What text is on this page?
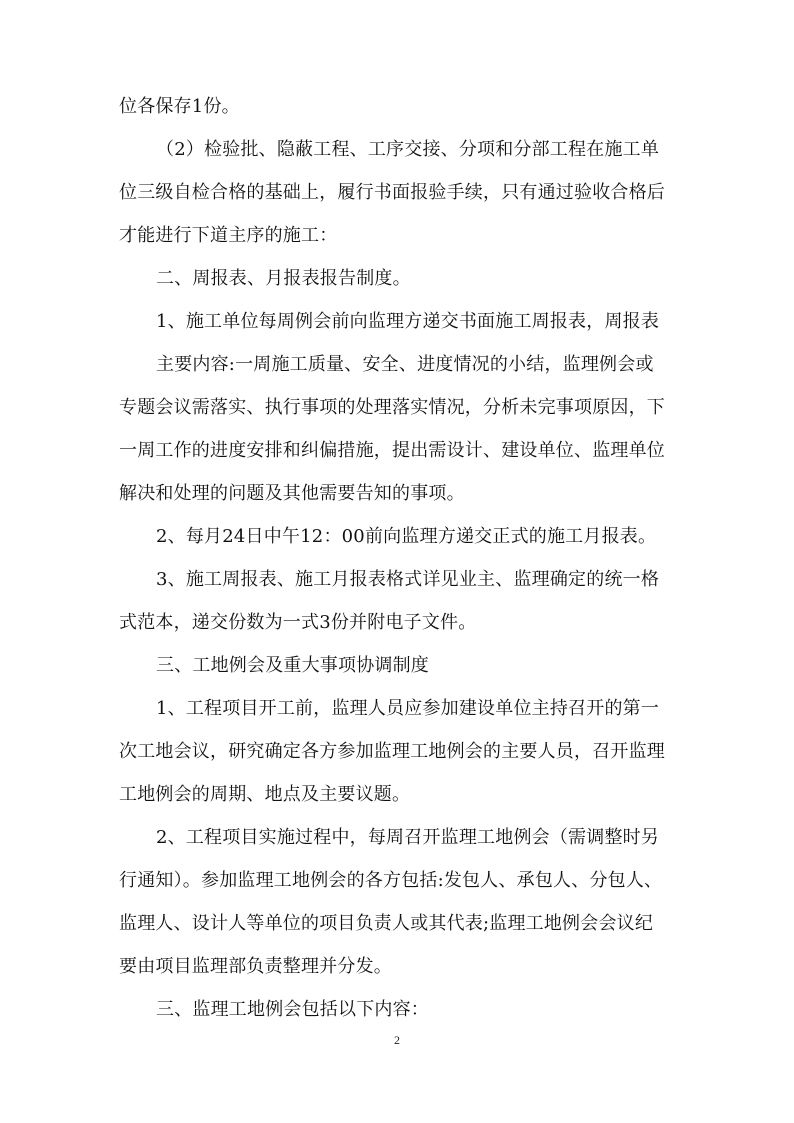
位各保存1份。
（2）检验批、隐蔽工程、工序交接、分项和分部工程在施工单
位三级自检合格的基础上，履行书面报验手续，只有通过验收合格后
才能进行下道主序的施工：
二、周报表、月报表报告制度。
1、施工单位每周例会前向监理方递交书面施工周报表，周报表
主要内容:一周施工质量、安全、进度情况的小结，监理例会或
专题会议需落实、执行事项的处理落实情况，分析未完事项原因，下
一周工作的进度安排和纠偏措施，提出需设计、建设单位、监理单位
解决和处理的问题及其他需要告知的事项。
2、每月24日中午12：00前向监理方递交正式的施工月报表。
3、施工周报表、施工月报表格式详见业主、监理确定的统一格
式范本，递交份数为一式3份并附电子文件。
三、工地例会及重大事项协调制度
1、工程项目开工前，监理人员应参加建设单位主持召开的第一
次工地会议，研究确定各方参加监理工地例会的主要人员，召开监理
工地例会的周期、地点及主要议题。
2、工程项目实施过程中，每周召开监理工地例会（需调整时另
行通知）。参加监理工地例会的各方包括:发包人、承包人、分包人、
监理人、设计人等单位的项目负责人或其代表;监理工地例会会议纪
要由项目监理部负责整理并分发。
三、监理工地例会包括以下内容：
2
